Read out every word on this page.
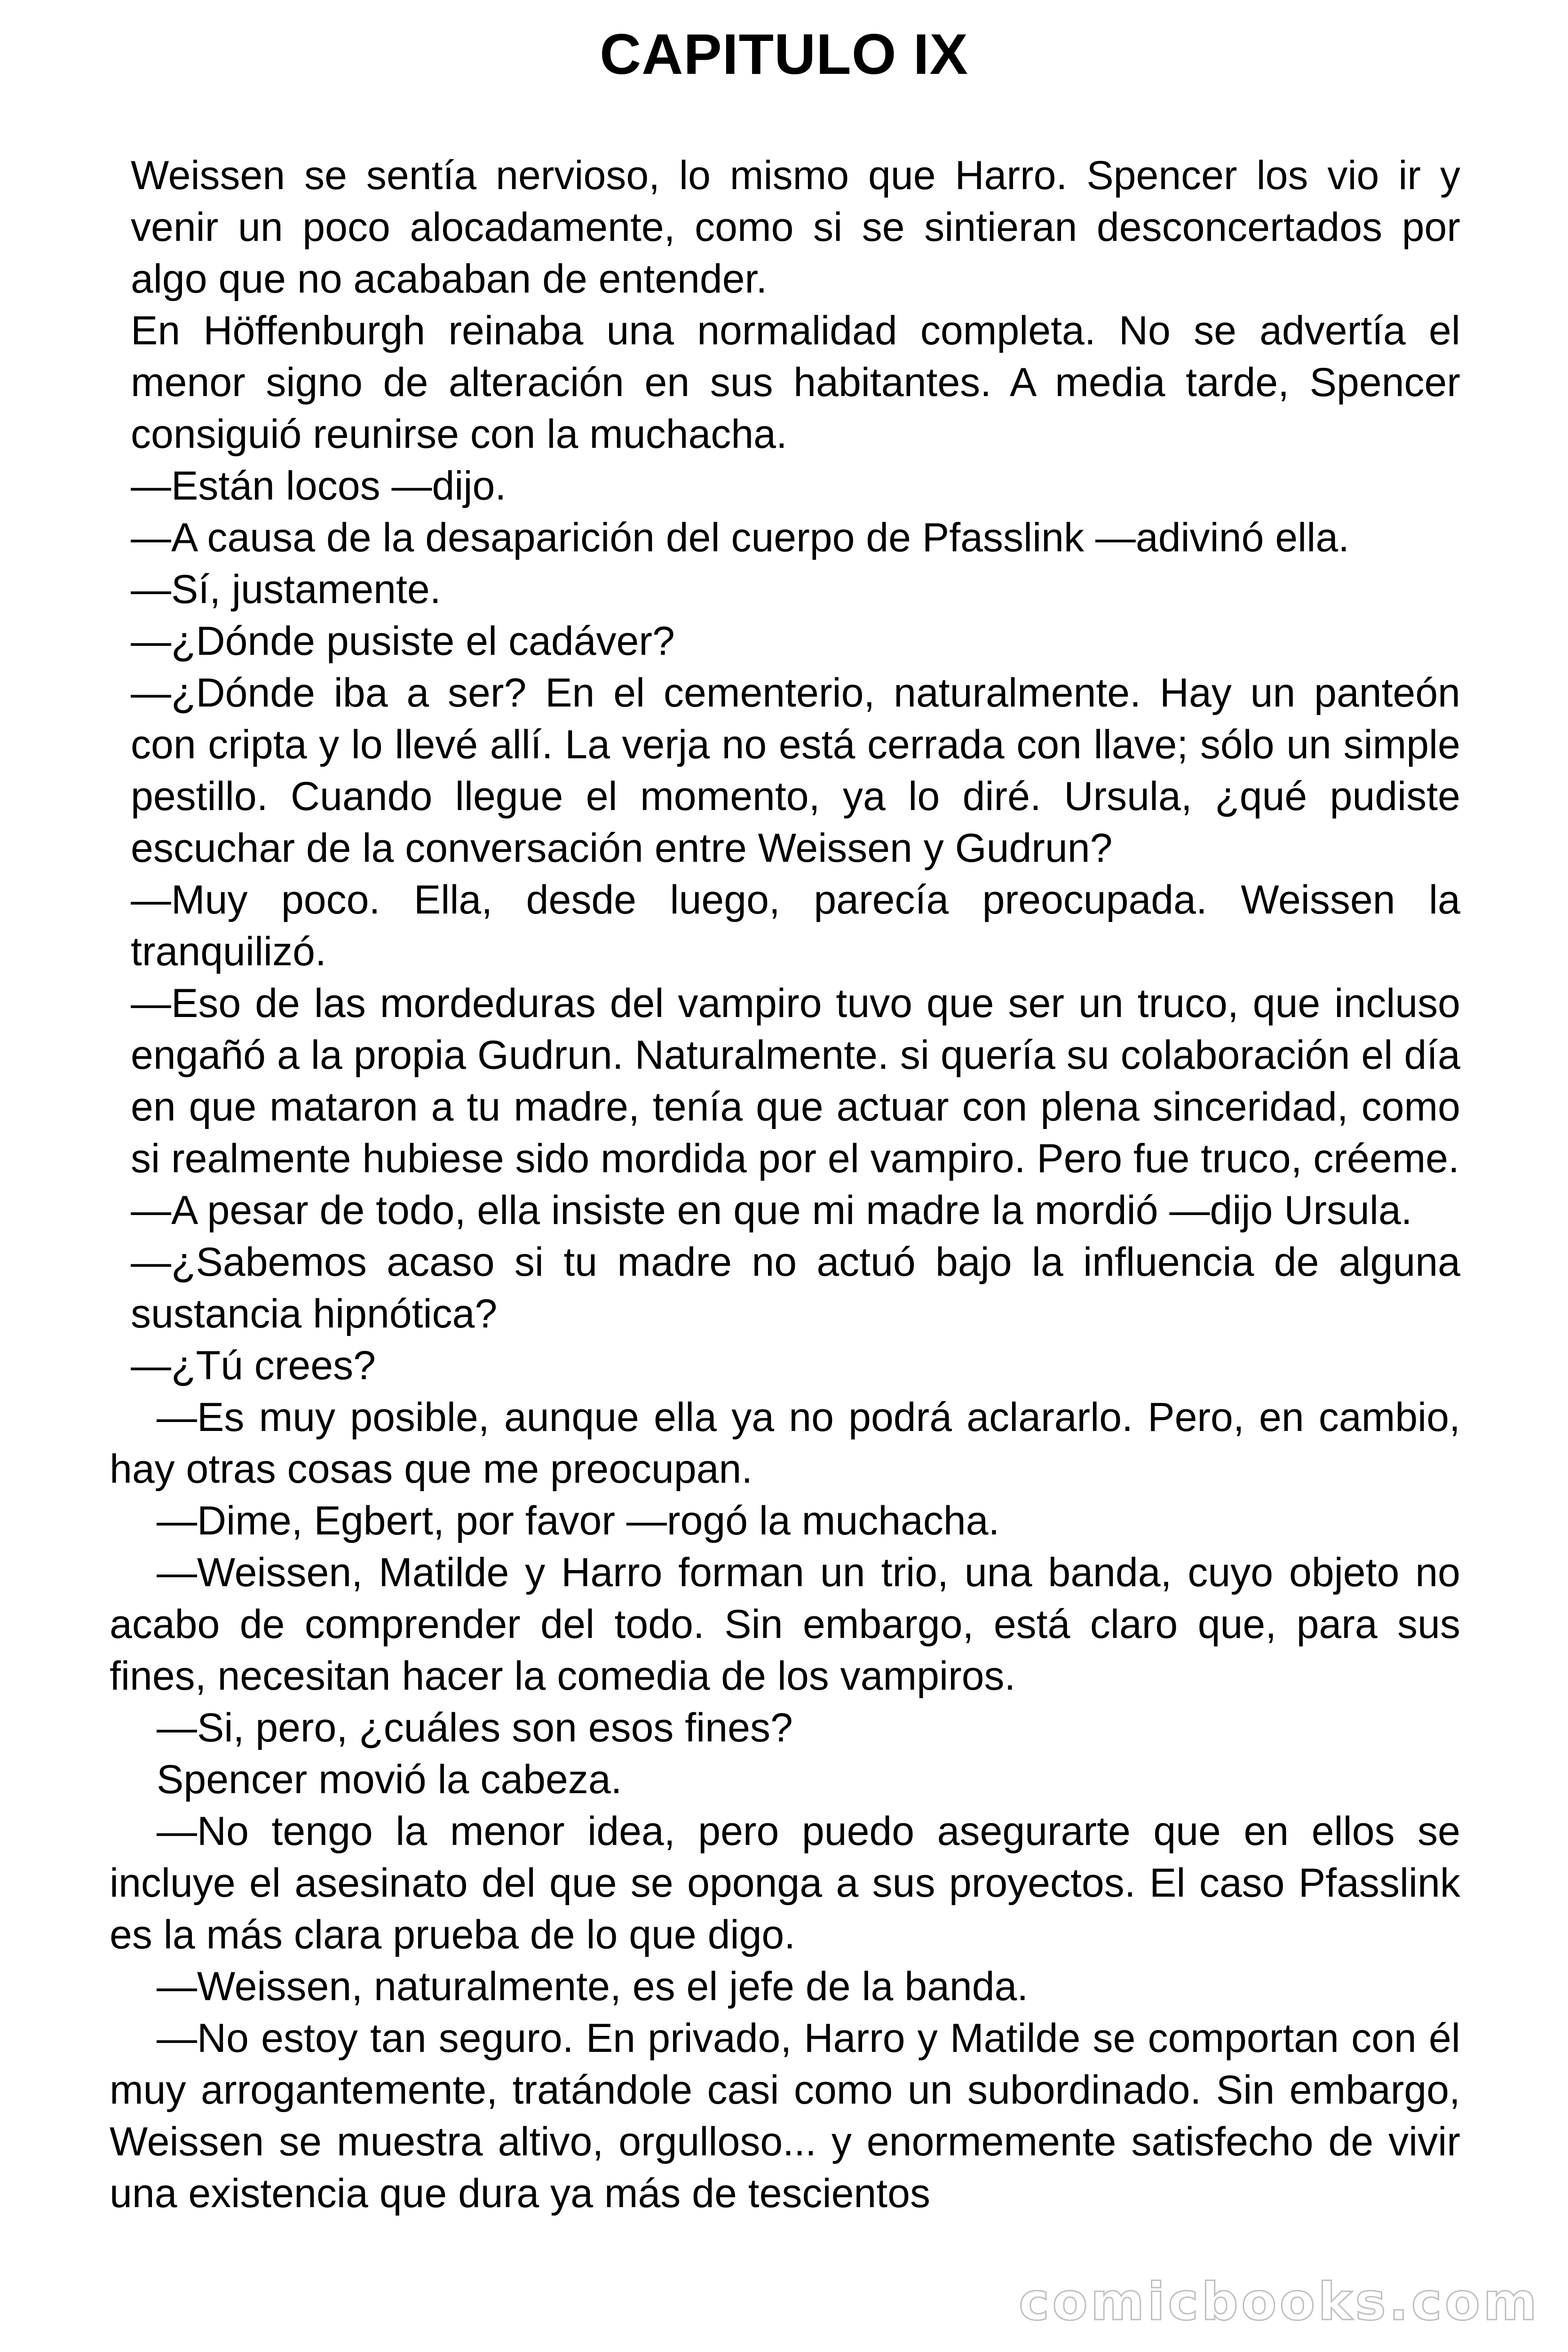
CAPITULO IX

Weissen se sentía nervioso, lo mismo que Harro. Spencer los vio ir y venir un poco alocadamente, como si se sintieran desconcertados por algo que no acababan de entender.

En Höffenburgh reinaba una normalidad completa. No se advertía el menor signo de alteración en sus habitantes. A media tarde, Spencer consiguió reunirse con la muchacha.

—Están locos —dijo.

—A causa de la desaparición del cuerpo de Pfasslink —adivinó ella.

—Sí, justamente.

—¿Dónde pusiste el cadáver?

—¿Dónde iba a ser? En el cementerio, naturalmente. Hay un panteón con cripta y lo llevé allí. La verja no está cerrada con llave; sólo un simple pestillo. Cuando llegue el momento, ya lo diré. Ursula, ¿qué pudiste escuchar de la conversación entre Weissen y Gudrun?

—Muy poco. Ella, desde luego, parecía preocupada. Weissen la tranquilizó.

—Eso de las mordeduras del vampiro tuvo que ser un truco, que incluso engañó a la propia Gudrun. Naturalmente. si quería su colaboración el día en que mataron a tu madre, tenía que actuar con plena sinceridad, como si realmente hubiese sido mordida por el vampiro. Pero fue truco, créeme.

—A pesar de todo, ella insiste en que mi madre la mordió —dijo Ursula.

—¿Sabemos acaso si tu madre no actuó bajo la influencia de alguna sustancia hipnótica?

—¿Tú crees?

—Es muy posible, aunque ella ya no podrá aclararlo. Pero, en cambio, hay otras cosas que me preocupan.

—Dime, Egbert, por favor —rogó la muchacha.

—Weissen, Matilde y Harro forman un trio, una banda, cuyo objeto no acabo de comprender del todo. Sin embargo, está claro que, para sus fines, necesitan hacer la comedia de los vampiros.

—Si, pero, ¿cuáles son esos fines?

Spencer movió la cabeza.

—No tengo la menor idea, pero puedo asegurarte que en ellos se incluye el asesinato del que se oponga a sus proyectos. El caso Pfasslink es la más clara prueba de lo que digo.

—Weissen, naturalmente, es el jefe de la banda.

—No estoy tan seguro. En privado, Harro y Matilde se comportan con él muy arrogantemente, tratándole casi como un subordinado. Sin embargo, Weissen se muestra altivo, orgulloso... y enormemente satisfecho de vivir una existencia que dura ya más de tescientos

comicbooks.com
